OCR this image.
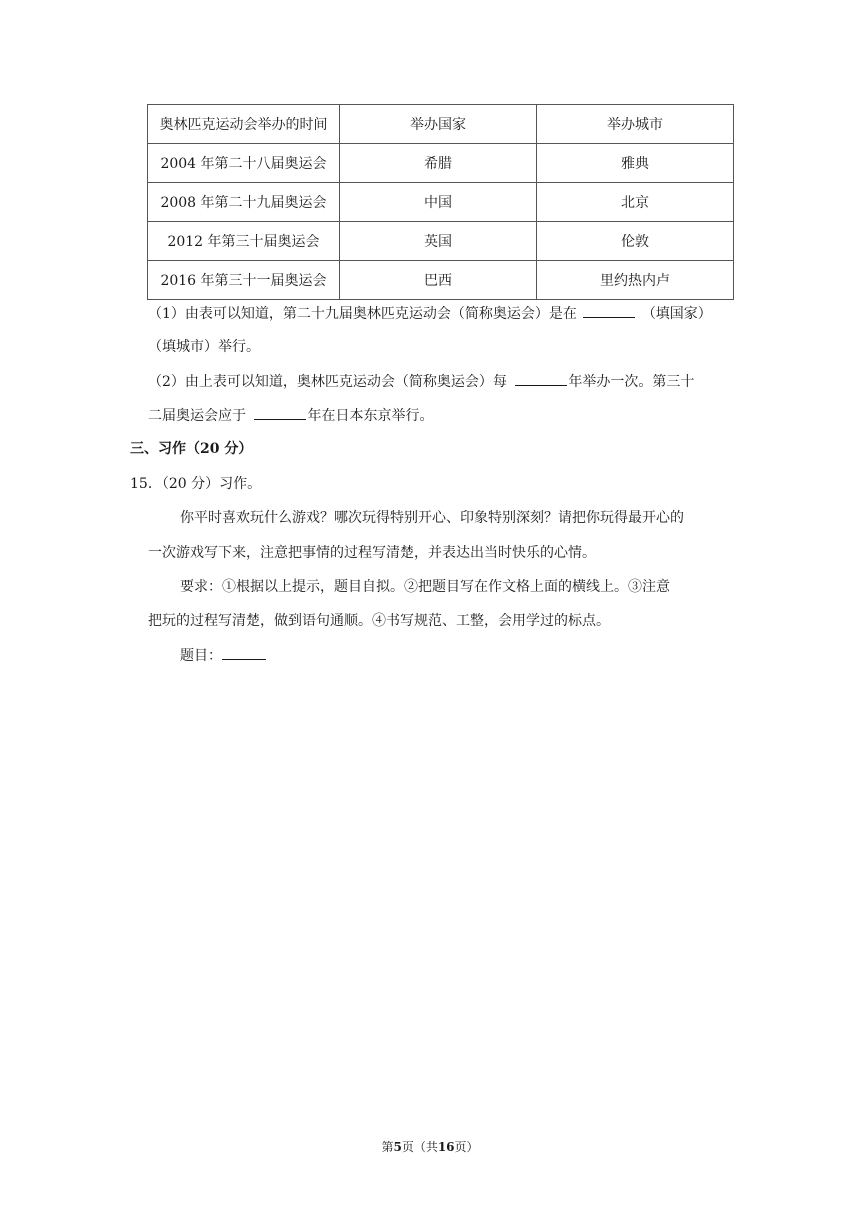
奥林匹克运动会举办的时间	举办国家	举办城市
2004 年第二十八届奥运会	希腊	雅典
2008 年第二十九届奥运会	中国	北京
2012 年第三十届奥运会	英国	伦敦
2016 年第三十一届奥运会	巴西	里约热内卢
（1）由表可以知道，第二十九届奥林匹克运动会（简称奥运会）是在	（填国家）
（填城市）举行。
（2）由上表可以知道，奥林匹克运动会（简称奥运会）每	年举办一次。第三十
二届奥运会应于	年在日本东京举行。
三、习作（20 分）
15．（20 分）习作。
你平时喜欢玩什么游戏？哪次玩得特别开心、印象特别深刻？请把你玩得最开心的
一次游戏写下来，注意把事情的过程写清楚，并表达出当时快乐的心情。
要求：①根据以上提示，题目自拟。②把题目写在作文格上面的横线上。③注意
把玩的过程写清楚，做到语句通顺。④书写规范、工整，会用学过的标点。
题目：
第5页（共16页）
